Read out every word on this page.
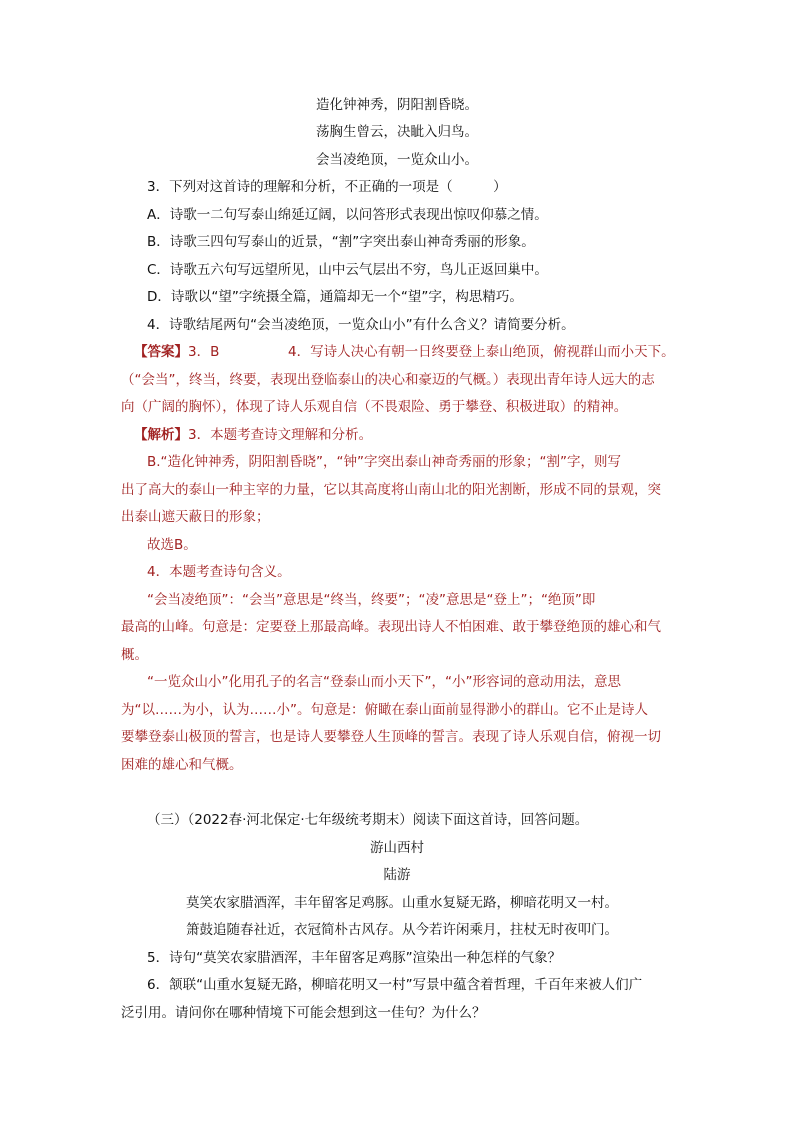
造化钟神秀，阴阳割昏晓。
荡胸生曾云，决眦入归鸟。
会当凌绝顶，一览众山小。
3．下列对这首诗的理解和分析，不正确的一项是（　　　）
A．诗歌一二句写泰山绵延辽阔，以问答形式表现出惊叹仰慕之情。
B．诗歌三四句写泰山的近景，“割”字突出泰山神奇秀丽的形象。
C．诗歌五六句写远望所见，山中云气层出不穷，鸟儿正返回巢中。
D．诗歌以“望”字统摄全篇，通篇却无一个“望”字，构思精巧。
4．诗歌结尾两句“会当凌绝顶，一览众山小”有什么含义？请简要分析。
【答案】3．B	4．写诗人决心有朝一日终要登上泰山绝顶，俯视群山而小天下。
（“会当”，终当，终要，表现出登临泰山的决心和豪迈的气概。）表现出青年诗人远大的志
向（广阔的胸怀），体现了诗人乐观自信（不畏艰险、勇于攀登、积极进取）的精神。
【解析】3．本题考查诗文理解和分析。
B.“造化钟神秀，阴阳割昏晓”，“钟”字突出泰山神奇秀丽的形象；“割”字，则写
出了高大的泰山一种主宰的力量，它以其高度将山南山北的阳光割断，形成不同的景观，突
出泰山遮天蔽日的形象；
故选B。
4．本题考查诗句含义。
“会当凌绝顶”：“会当”意思是“终当，终要”；“凌”意思是“登上”；“绝顶”即
最高的山峰。句意是：定要登上那最高峰。表现出诗人不怕困难、敢于攀登绝顶的雄心和气
概。
“一览众山小”化用孔子的名言“登泰山而小天下”，“小”形容词的意动用法，意思
为“以……为小，认为……小”。句意是：俯瞰在泰山面前显得渺小的群山。它不止是诗人
要攀登泰山极顶的誓言，也是诗人要攀登人生顶峰的誓言。表现了诗人乐观自信，俯视一切
困难的雄心和气概。
（三）（2022春·河北保定·七年级统考期末）阅读下面这首诗，回答问题。
游山西村
陆游
莫笑农家腊酒浑，丰年留客足鸡豚。山重水复疑无路，柳暗花明又一村。
箫鼓追随春社近，衣冠简朴古风存。从今若许闲乘月，拄杖无时夜叩门。
5．诗句“莫笑农家腊酒浑，丰年留客足鸡豚”渲染出一种怎样的气象？
6．颔联“山重水复疑无路，柳暗花明又一村”写景中蕴含着哲理，千百年来被人们广
泛引用。请问你在哪种情境下可能会想到这一佳句？为什么？
